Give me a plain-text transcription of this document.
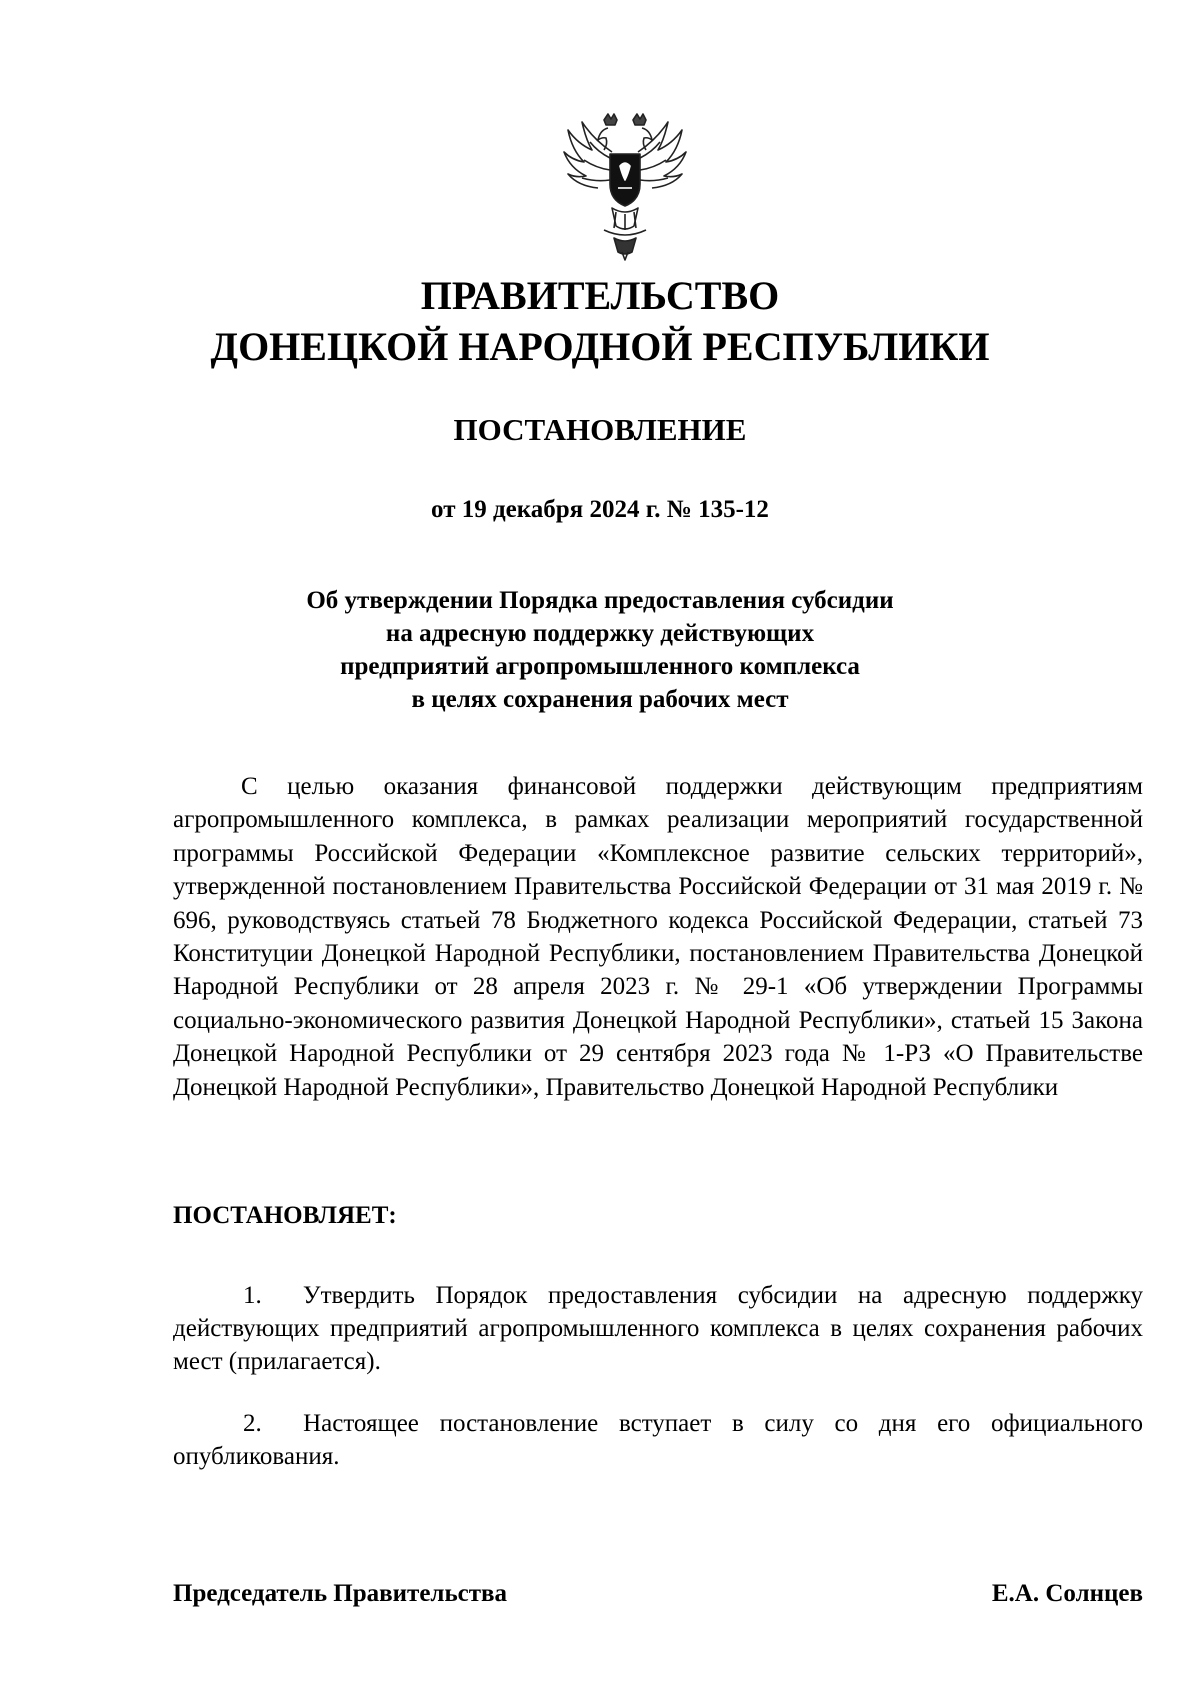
ПРАВИТЕЛЬСТВО
ДОНЕЦКОЙ НАРОДНОЙ РЕСПУБЛИКИ
ПОСТАНОВЛЕНИЕ
от 19 декабря 2024 г. № 135-12
Об утверждении Порядка предоставления субсидии
на адресную поддержку действующих
предприятий агропромышленного комплекса
в целях сохранения рабочих мест
С целью оказания финансовой поддержки действующим предприятиям агропромышленного комплекса, в рамках реализации мероприятий государственной программы Российской Федерации «Комплексное развитие сельских территорий», утвержденной постановлением Правительства Российской Федерации от 31 мая 2019 г. № 696, руководствуясь статьей 78 Бюджетного кодекса Российской Федерации, статьей 73 Конституции Донецкой Народной Республики, постановлением Правительства Донецкой Народной Республики от 28 апреля 2023 г. № 29-1 «Об утверждении Программы социально-экономического развития Донецкой Народной Республики», статьей 15 Закона Донецкой Народной Республики от 29 сентября 2023 года № 1-РЗ «О Правительстве Донецкой Народной Республики», Правительство Донецкой Народной Республики
ПОСТАНОВЛЯЕТ:
1. Утвердить Порядок предоставления субсидии на адресную поддержку действующих предприятий агропромышленного комплекса в целях сохранения рабочих мест (прилагается).
2. Настоящее постановление вступает в силу со дня его официального опубликования.
Председатель Правительства	Е.А. Солнцев
